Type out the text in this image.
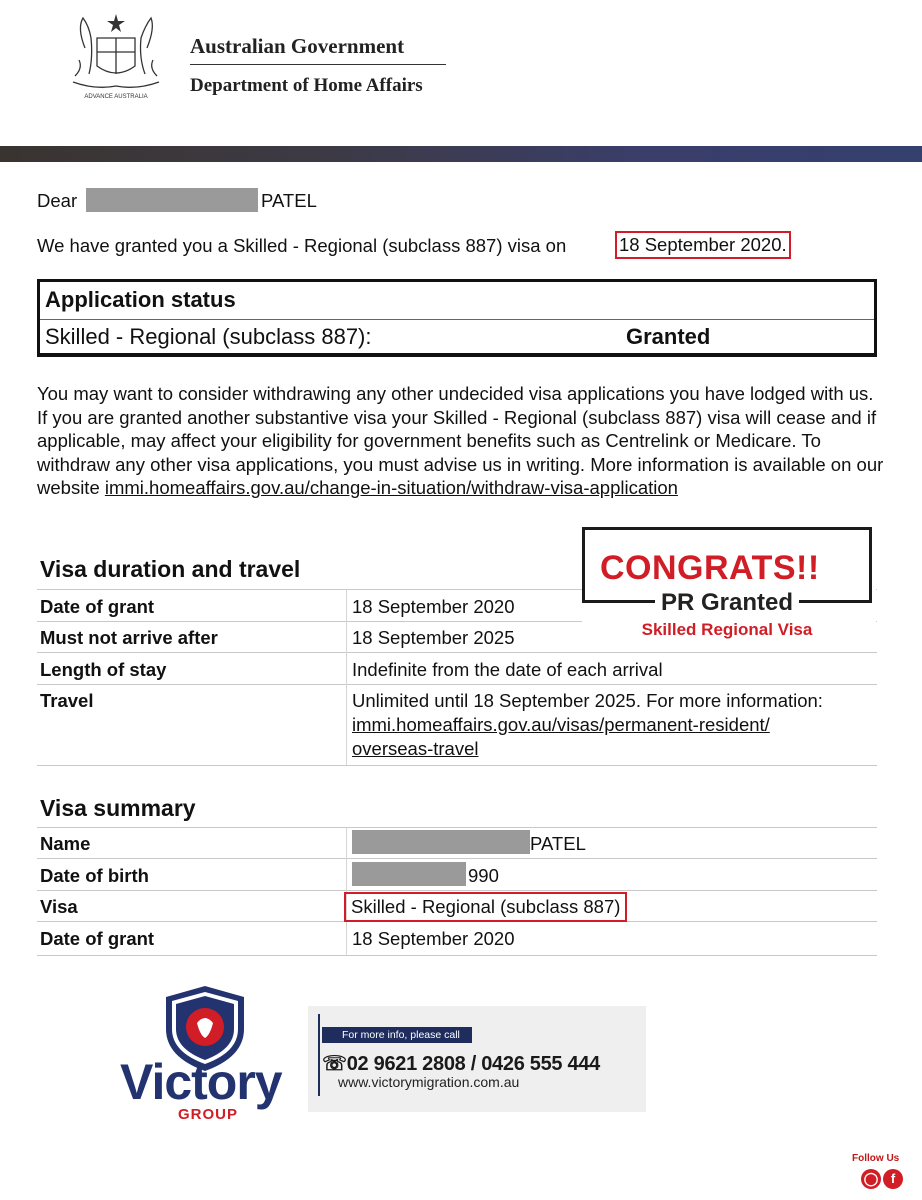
ADVANCE AUSTRALIA
Australian Government
Department of Home Affairs
Dear	PATEL
We have granted you a Skilled - Regional (subclass 887) visa on	18 September 2020.
Application status
Skilled - Regional (subclass 887):	Granted
You may want to consider withdrawing any other undecided visa applications you have lodged with us. If you are granted another substantive visa your Skilled - Regional (subclass 887) visa will cease and if applicable, may affect your eligibility for government benefits such as Centrelink or Medicare. To withdraw any other visa applications, you must advise us in writing. More information is available on our website immi.homeaffairs.gov.au/change-in-situation/withdraw-visa-application
Visa duration and travel
Date of grant	18 September 2020
Must not arrive after	18 September 2025
Length of stay	Indefinite from the date of each arrival
Travel	Unlimited until 18 September 2025. For more information:
immi.homeaffairs.gov.au/visas/permanent-resident/
overseas-travel
CONGRATS!!
PR Granted
Skilled Regional Visa
Visa summary
Name	PATEL
Date of birth	990
Visa	Skilled - Regional (subclass 887)
Date of grant	18 September 2020
Victory
GROUP
For more info, please call
☏02 9621 2808 / 0426 555 444
www.victorymigration.com.au
Follow Us
◯ f
